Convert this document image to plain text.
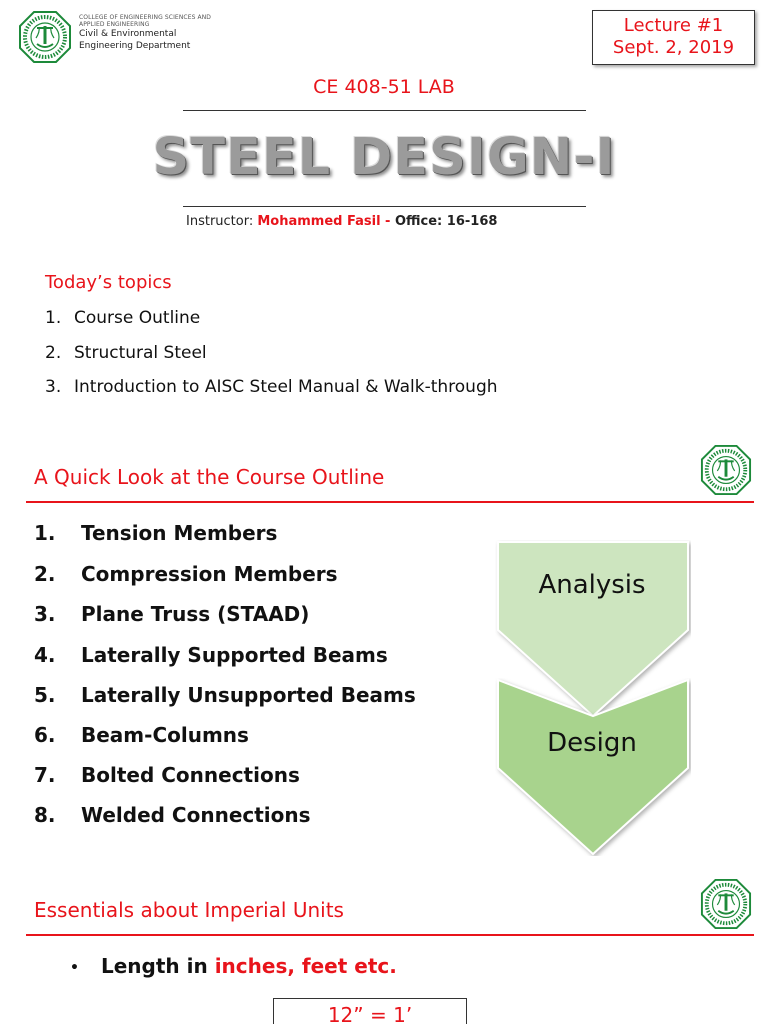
COLLEGE OF ENGINEERING SCIENCES AND
APPLIED ENGINEERING
Civil & Environmental
Engineering Department
Lecture #1
Sept. 2, 2019
CE 408-51 LAB
STEEL DESIGN-I
Instructor: Mohammed Fasil - Office: 16-168
Today’s topics
1. Course Outline
2. Structural Steel
3. Introduction to AISC Steel Manual & Walk-through
A Quick Look at the Course Outline
1. Tension Members
2. Compression Members
3. Plane Truss (STAAD)
4. Laterally Supported Beams
5. Laterally Unsupported Beams
6. Beam-Columns
7. Bolted Connections
8. Welded Connections
Analysis
Design
Essentials about Imperial Units
• Length in inches, feet etc.
12” = 1’
